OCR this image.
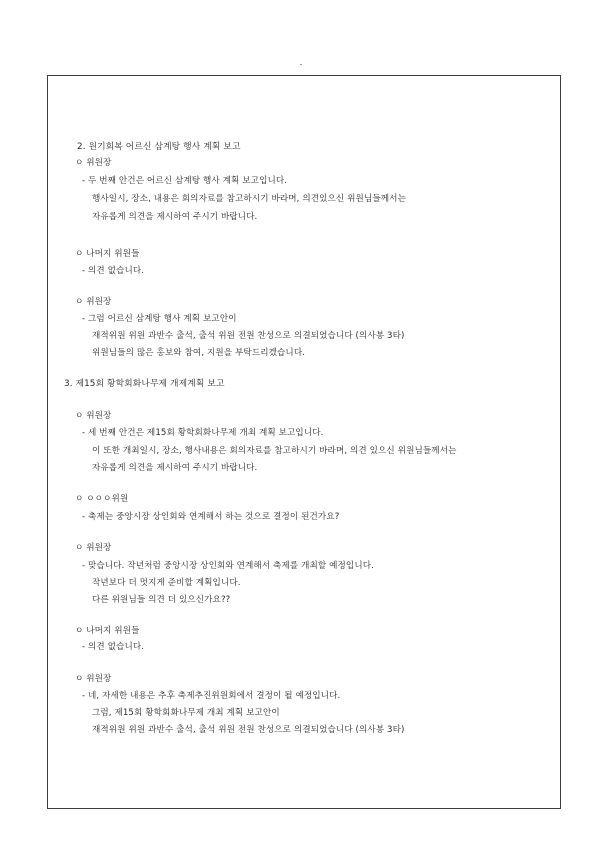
2. 원기회복 어르신 삼계탕 행사 계획 보고
ㅇ 위원장
- 두 번째 안건은 어르신 삼계탕 행사 계획 보고입니다.
행사일시, 장소, 내용은 회의자료를 참고하시기 바라며, 의견있으신 위원님들께서는
자유롭게 의견을 제시하여 주시기 바랍니다.
ㅇ 나머지 위원들
- 의견 없습니다.
ㅇ 위원장
- 그럼 어르신 삼계탕 행사 계획 보고안이
재적위원 위원 과반수 출석, 출석 위원 전원 찬성으로 의결되었습니다 (의사봉 3타)
위원님들의 많은 홍보와 참여, 지원을 부탁드리겠습니다.
3. 제15회 황학회화나무제 개제계획 보고
ㅇ 위원장
- 세 번째 안건은 제15회 황학회화나무제 개최 계획 보고입니다.
이 또한 개최일시, 장소, 행사내용은 회의자료를 참고하시기 바라며, 의견 있으신 위원님들께서는
자유롭게 의견을 제시하여 주시기 바랍니다.
ㅇ ㅇㅇㅇ위원
- 축제는 중앙시장 상인회와 연계해서 하는 것으로 결정이 된건가요?
ㅇ 위원장
- 맞습니다. 작년처럼 중앙시장 상인회와 연계해서 축제를 개최할 예정입니다.
작년보다 더 멋지게 준비할 계획입니다.
다른 위원님들 의견 더 있으신가요??
ㅇ 나머지 위원들
- 의견 없습니다.
ㅇ 위원장
- 네, 자세한 내용은 추후 축제추진위원회에서 결정이 될 예정입니다.
그럼, 제15회 황학회화나무제 개최 계획 보고안이
재적위원 위원 과반수 출석, 출석 위원 전원 찬성으로 의결되었습니다 (의사봉 3타)
